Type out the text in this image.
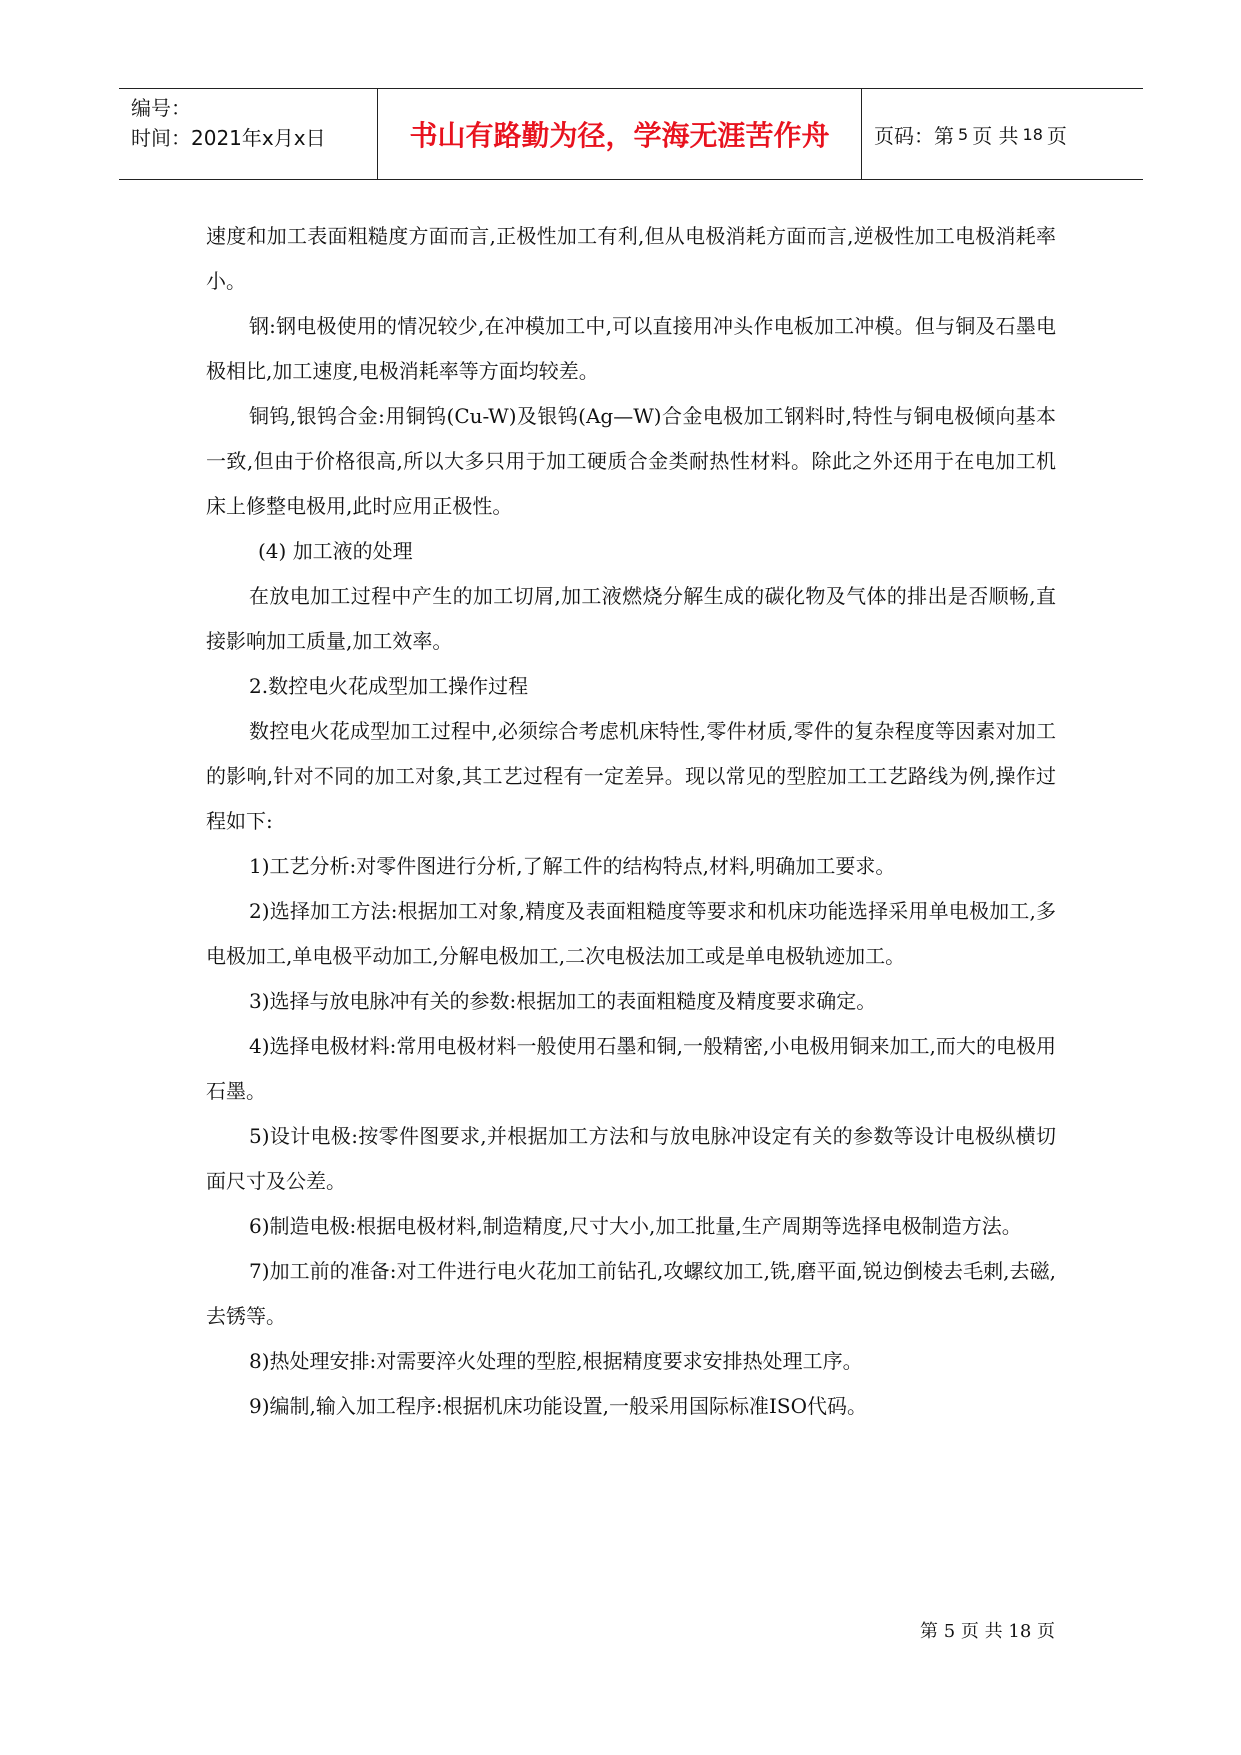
编号：
时间：2021年x月x日	书山有路勤为径，学海无涯苦作舟	页码：第 5 页 共 18 页

速度和加工表面粗糙度方面而言,正极性加工有利,但从电极消耗方面而言,逆极性加工电极消耗率小。

钢:钢电极使用的情况较少,在冲模加工中,可以直接用冲头作电板加工冲模。但与铜及石墨电极相比,加工速度,电极消耗率等方面均较差。

铜钨,银钨合金:用铜钨(Cu-W)及银钨(Ag—W)合金电极加工钢料时,特性与铜电极倾向基本一致,但由于价格很高,所以大多只用于加工硬质合金类耐热性材料。除此之外还用于在电加工机床上修整电极用,此时应用正极性。

(4) 加工液的处理

在放电加工过程中产生的加工切屑,加工液燃烧分解生成的碳化物及气体的排出是否顺畅,直接影响加工质量,加工效率。

2.数控电火花成型加工操作过程

数控电火花成型加工过程中,必须综合考虑机床特性,零件材质,零件的复杂程度等因素对加工的影响,针对不同的加工对象,其工艺过程有一定差异。现以常见的型腔加工工艺路线为例,操作过程如下:

1)工艺分析:对零件图进行分析,了解工件的结构特点,材料,明确加工要求。

2)选择加工方法:根据加工对象,精度及表面粗糙度等要求和机床功能选择采用单电极加工,多电极加工,单电极平动加工,分解电极加工,二次电极法加工或是单电极轨迹加工。

3)选择与放电脉冲有关的参数:根据加工的表面粗糙度及精度要求确定。

4)选择电极材料:常用电极材料一般使用石墨和铜,一般精密,小电极用铜来加工,而大的电极用石墨。

5)设计电极:按零件图要求,并根据加工方法和与放电脉冲设定有关的参数等设计电极纵横切面尺寸及公差。

6)制造电极:根据电极材料,制造精度,尺寸大小,加工批量,生产周期等选择电极制造方法。

7)加工前的准备:对工件进行电火花加工前钻孔,攻螺纹加工,铣,磨平面,锐边倒棱去毛刺,去磁,去锈等。

8)热处理安排:对需要淬火处理的型腔,根据精度要求安排热处理工序。

9)编制,输入加工程序:根据机床功能设置,一般采用国际标准ISO代码。

第 5 页 共 18 页
